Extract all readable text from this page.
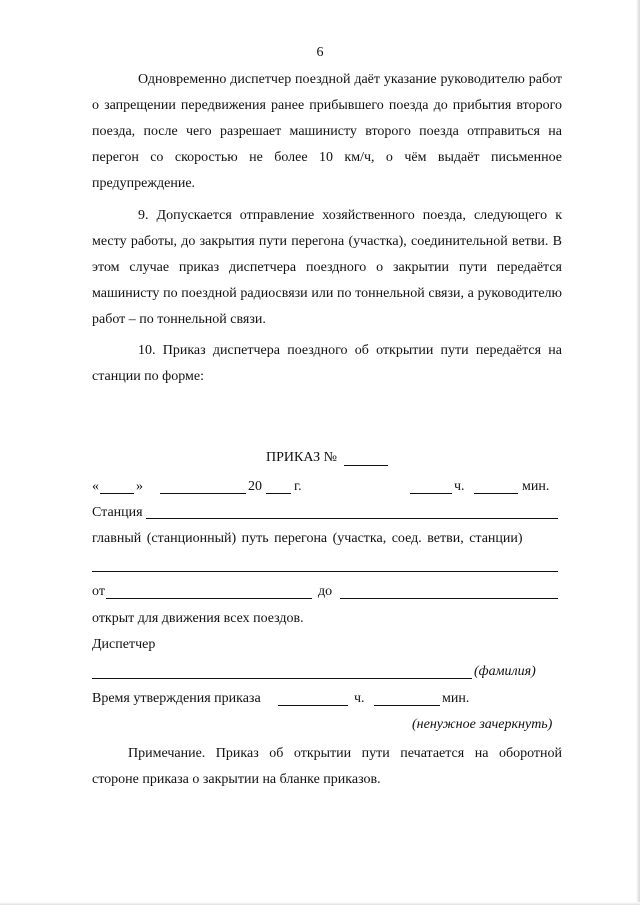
6

Одновременно диспетчер поездной даёт указание руководителю работ о запрещении передвижения ранее прибывшего поезда до прибытия второго поезда, после чего разрешает машинисту второго поезда отправиться на перегон со скоростью не более 10 км/ч, о чём выдаёт письменное предупреждение.

9. Допускается отправление хозяйственного поезда, следующего к месту работы, до закрытия пути перегона (участка), соединительной ветви. В этом случае приказ диспетчера поездного о закрытии пути передаётся машинисту по поездной радиосвязи или по тоннельной связи, а руководителю работ – по тоннельной связи.

10. Приказ диспетчера поездного об открытии пути передаётся на станции по форме:

ПРИКАЗ №
«	»	20 г.	ч.	мин.
Станция
главный (станционный) путь перегона (участка, соед. ветви, станции)
от	до
открыт для движения всех поездов.
Диспетчер
(фамилия)
Время утверждения приказа	ч.	мин.
(ненужное зачеркнуть)

Примечание. Приказ об открытии пути печатается на оборотной стороне приказа о закрытии на бланке приказов.
